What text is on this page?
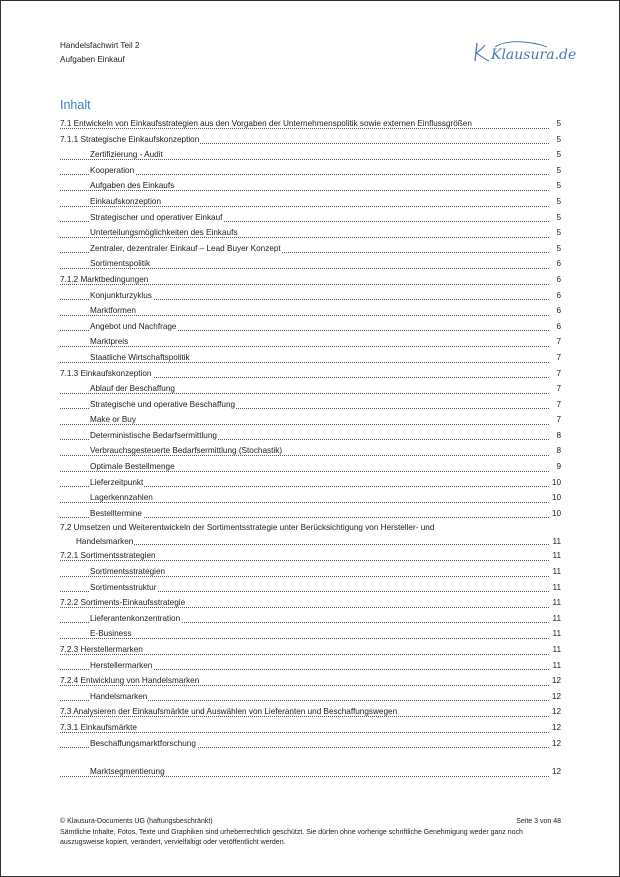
Handelsfachwirt Teil 2
Aufgaben Einkauf	Klausura.de
Inhalt
7.1 Entwickeln von Einkaufsstrategien aus den Vorgaben der Unternehmenspolitik sowie externen Einflussgrößen	5
7.1.1 Strategische Einkaufskonzeption	5
Zertifizierung - Audit	5
Kooperation	5
Aufgaben des Einkaufs	5
Einkaufskonzeption	5
Strategischer und operativer Einkauf	5
Unterteilungsmöglichkeiten des Einkaufs	5
Zentraler, dezentraler Einkauf – Lead Buyer Konzept	5
Sortimentspolitik	6
7.1.2 Marktbedingungen	6
Konjunkturzyklus	6
Marktformen	6
Angebot und Nachfrage	6
Marktpreis	7
Staatliche Wirtschaftspolitik	7
7.1.3 Einkaufskonzeption	7
Ablauf der Beschaffung	7
Strategische und operative Beschaffung	7
Make or Buy	7
Deterministische Bedarfsermittlung	8
Verbrauchsgesteuerte Bedarfsermittlung (Stochastik)	8
Optimale Bestellmenge	9
Lieferzeitpunkt	10
Lagerkennzahlen	10
Bestelltermine	10
7.2 Umsetzen und Weiterentwickeln der Sortimentsstrategie unter Berücksichtigung von Hersteller- und
Handelsmarken	11
7.2.1 Sortimentsstrategien	11
Sortimentsstrategien	11
Sortimentsstruktur	11
7.2.2 Sortiments-Einkaufsstrategie	11
Lieferantenkonzentration	11
E-Business	11
7.2.3 Herstellermarken	11
Herstellermarken	11
7.2.4 Entwicklung von Handelsmarken	12
Handelsmarken	12
7.3 Analysieren der Einkaufsmärkte und Auswählen von Lieferanten und Beschaffungswegen	12
7.3.1 Einkaufsmärkte	12
Beschaffungsmarktforschung	12
Marktsegmentierung	12
© Klausura-Documents UG (haftungsbeschränkt)	Seite 3 von 48
Sämtliche Inhalte, Fotos, Texte und Graphiken sind urheberrechtlich geschützt. Sie dürfen ohne vorherige schriftliche Genehmigung weder ganz noch auszugsweise kopiert, verändert, vervielfältigt oder veröffentlicht werden.
